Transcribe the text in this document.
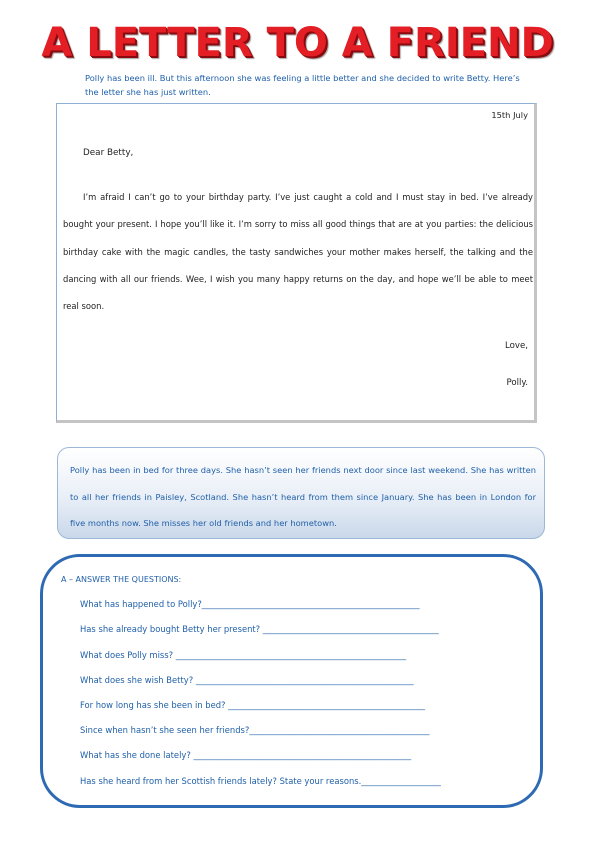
A LETTER TO A FRIEND
Polly has been ill. But this afternoon she was feeling a little better and she decided to write Betty. Here’s the letter she has just written.
15th July
Dear Betty,

I’m afraid I can’t go to your birthday party. I’ve just caught a cold and I must stay in bed. I’ve already bought your present. I hope you’ll like it. I’m sorry to miss all good things that are at you parties: the delicious birthday cake with the magic candles, the tasty sandwiches your mother makes herself, the talking and the dancing with all our friends. Wee, I wish you many happy returns on the day, and hope we’ll be able to meet real soon.

Love,
Polly.

Polly has been in bed for three days. She hasn’t seen her friends next door since last weekend. She has written to all her friends in Paisley, Scotland. She hasn’t heard from them since January. She has been in London for five months now. She misses her old friends and her hometown.

A – ANSWER THE QUESTIONS:
What has happened to Polly?____________________________________________________
Has she already bought Betty her present? __________________________________________
What does Polly miss? _______________________________________________________
What does she wish Betty? ____________________________________________________
For how long has she been in bed? _______________________________________________
Since when hasn’t she seen her friends?___________________________________________
What has she done lately? ____________________________________________________
Has she heard from her Scottish friends lately? State your reasons.___________________
